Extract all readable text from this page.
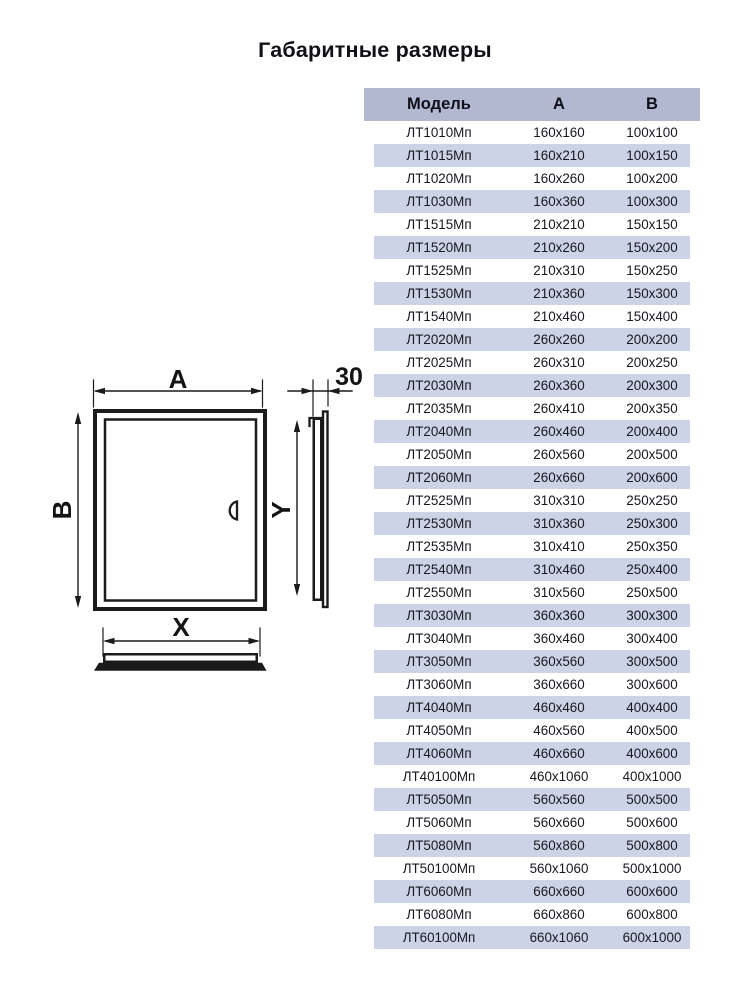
Габаритные размеры
А	30
В
X
Y
Модель	А	В
ЛТ1010Мп	160x160	100x100
ЛТ1015Мп	160x210	100x150
ЛТ1020Мп	160x260	100x200
ЛТ1030Мп	160x360	100x300
ЛТ1515Мп	210x210	150x150
ЛТ1520Мп	210x260	150x200
ЛТ1525Мп	210x310	150x250
ЛТ1530Мп	210x360	150x300
ЛТ1540Мп	210x460	150x400
ЛТ2020Мп	260x260	200x200
ЛТ2025Мп	260x310	200x250
ЛТ2030Мп	260x360	200x300
ЛТ2035Мп	260x410	200x350
ЛТ2040Мп	260x460	200x400
ЛТ2050Мп	260x560	200x500
ЛТ2060Мп	260x660	200x600
ЛТ2525Мп	310x310	250x250
ЛТ2530Мп	310x360	250x300
ЛТ2535Мп	310x410	250x350
ЛТ2540Мп	310x460	250x400
ЛТ2550Мп	310x560	250x500
ЛТ3030Мп	360x360	300x300
ЛТ3040Мп	360x460	300x400
ЛТ3050Мп	360x560	300x500
ЛТ3060Мп	360x660	300x600
ЛТ4040Мп	460x460	400x400
ЛТ4050Мп	460x560	400x500
ЛТ4060Мп	460x660	400x600
ЛТ40100Мп	460x1060	400x1000
ЛТ5050Мп	560x560	500x500
ЛТ5060Мп	560x660	500x600
ЛТ5080Мп	560x860	500x800
ЛТ50100Мп	560x1060	500x1000
ЛТ6060Мп	660x660	600x600
ЛТ6080Мп	660x860	600x800
ЛТ60100Мп	660x1060	600x1000
